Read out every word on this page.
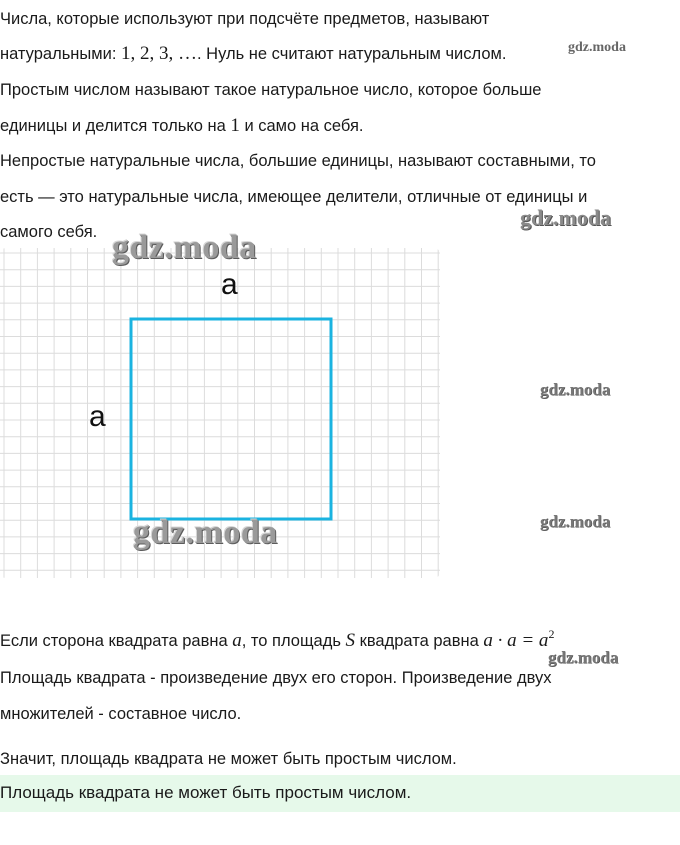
Числа, которые используют при подсчёте предметов, называют
натуральными: 1, 2, 3, …. Нуль не считают натуральным числом.
Простым числом называют такое натуральное число, которое больше
единицы и делится только на 1 и само на себя.
Непростые натуральные числа, большие единицы, называют составными, то
есть — это натуральные числа, имеющее делители, отличные от единицы и
самого себя.
a
a
Если сторона квадрата равна a, то площадь S квадрата равна $a \cdot a = a^2$
Площадь квадрата - произведение двух его сторон. Произведение двух
множителей - составное число.
Значит, площадь квадрата не может быть простым числом.
Площадь квадрата не может быть простым числом.
gdz.moda
gdz.moda
gdz.moda
gdz.moda
gdz.moda
gdz.moda
gdz.moda
